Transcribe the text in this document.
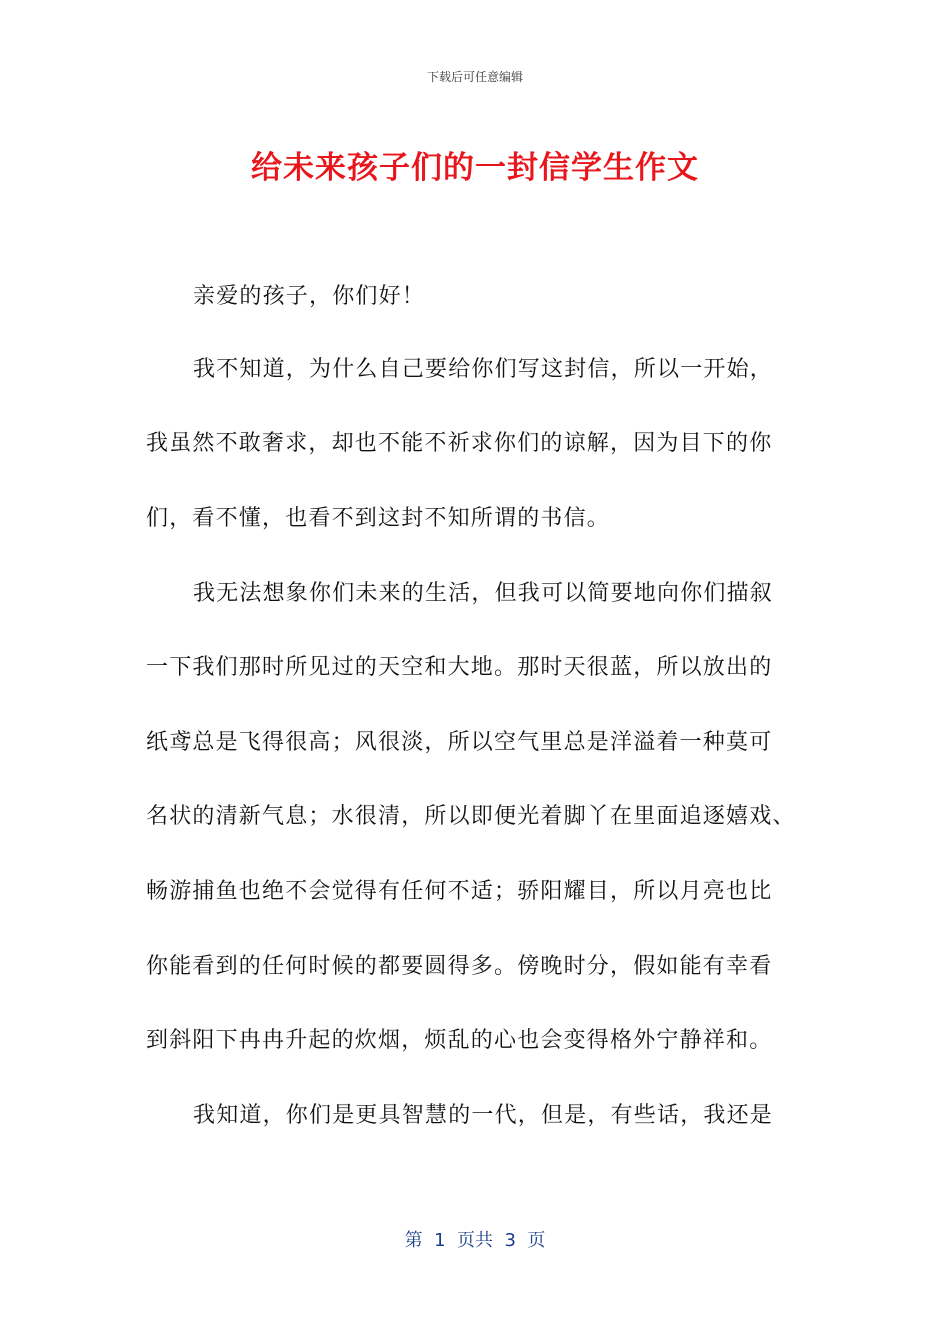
下载后可任意编辑
给未来孩子们的一封信学生作文
亲爱的孩子，你们好！
我不知道，为什么自己要给你们写这封信，所以一开始，
我虽然不敢奢求，却也不能不祈求你们的谅解，因为目下的你
们，看不懂，也看不到这封不知所谓的书信。
我无法想象你们未来的生活，但我可以简要地向你们描叙
一下我们那时所见过的天空和大地。那时天很蓝，所以放出的
纸鸢总是飞得很高；风很淡，所以空气里总是洋溢着一种莫可
名状的清新气息；水很清，所以即便光着脚丫在里面追逐嬉戏、
畅游捕鱼也绝不会觉得有任何不适；骄阳耀目，所以月亮也比
你能看到的任何时候的都要圆得多。傍晚时分，假如能有幸看
到斜阳下冉冉升起的炊烟，烦乱的心也会变得格外宁静祥和。
我知道，你们是更具智慧的一代，但是，有些话，我还是
第  1  页共  3  页
